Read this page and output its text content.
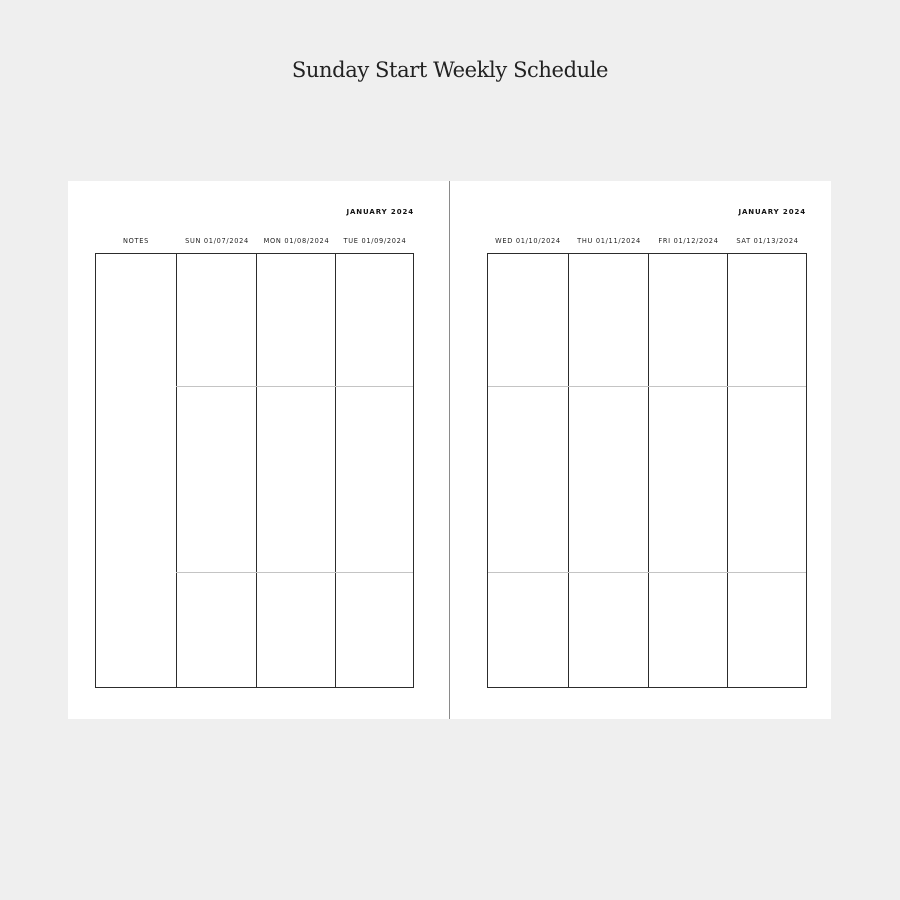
Sunday Start Weekly Schedule
JANUARY 2024
NOTES	SUN 01/07/2024	MON 01/08/2024	TUE 01/09/2024
JANUARY 2024
WED 01/10/2024	THU 01/11/2024	FRI 01/12/2024	SAT 01/13/2024
